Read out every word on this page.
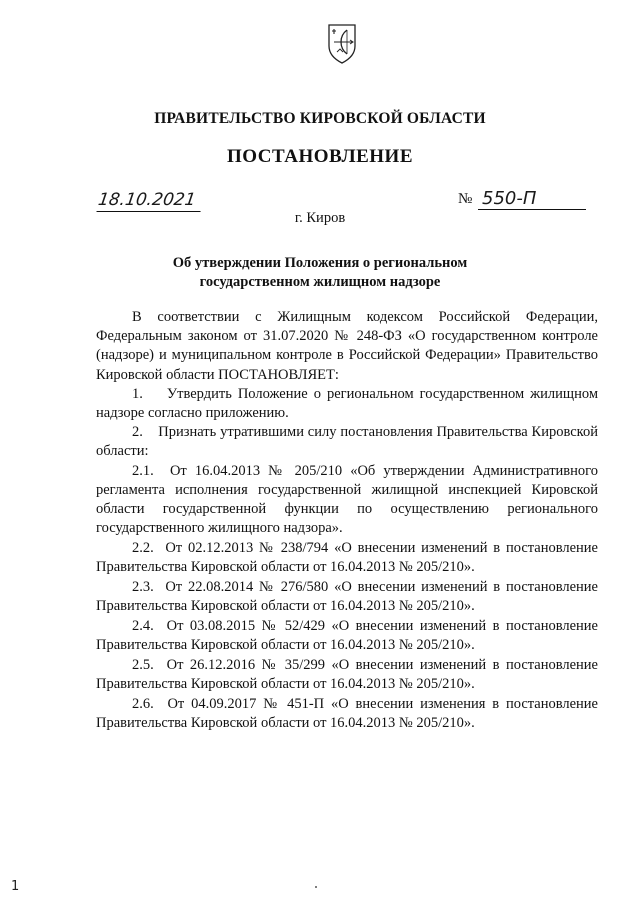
ПРАВИТЕЛЬСТВО КИРОВСКОЙ ОБЛАСТИ
ПОСТАНОВЛЕНИЕ
18.10.2021	№ 550-П
г. Киров
Об утверждении Положения о региональном государственном жилищном надзоре

В соответствии с Жилищным кодексом Российской Федерации, Федеральным законом от 31.07.2020 № 248-ФЗ «О государственном контроле (надзоре) и муниципальном контроле в Российской Федерации» Правительство Кировской области ПОСТАНОВЛЯЕТ:

1.    Утвердить Положение о региональном государственном жилищном надзоре согласно приложению.

2.    Признать утратившими силу постановления Правительства Кировской области:

2.1.  От 16.04.2013 № 205/210 «Об утверждении Административного регламента исполнения государственной жилищной инспекцией Кировской области государственной функции по осуществлению регионального государственного жилищного надзора».

2.2.  От 02.12.2013 № 238/794 «О внесении изменений в постановление Правительства Кировской области от 16.04.2013 № 205/210».

2.3.  От 22.08.2014 № 276/580 «О внесении изменений в постановление Правительства Кировской области от 16.04.2013 № 205/210».

2.4.  От 03.08.2015 № 52/429 «О внесении изменений в постановление Правительства Кировской области от 16.04.2013 № 205/210».

2.5.  От 26.12.2016 № 35/299 «О внесении изменений в постановление Правительства Кировской области от 16.04.2013 № 205/210».

2.6.  От 04.09.2017 № 451-П «О внесении изменения в постановление Правительства Кировской области от 16.04.2013 № 205/210».

1
